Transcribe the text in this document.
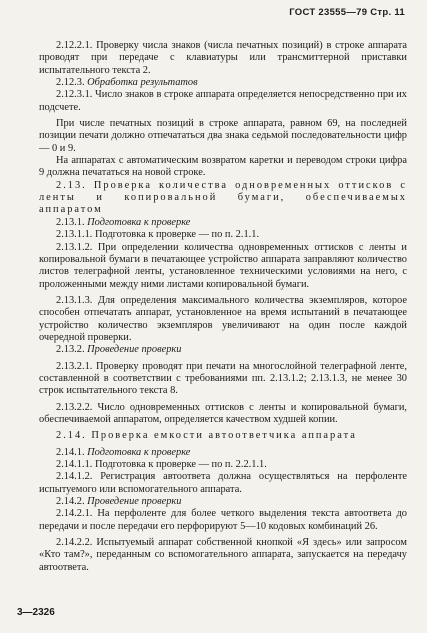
ГОСТ 23555—79 Стр. 11

2.12.2.1. Проверку числа знаков (числа печатных позиций) в строке аппарата проводят при передаче с клавиатуры или трансмиттерной приставки испытательного текста 2.

2.12.3. Обработка результатов

2.12.3.1. Число знаков в строке аппарата определяется непосредственно при их подсчете.

При числе печатных позиций в строке аппарата, равном 69, на последней позиции печати должно отпечататься два знака седьмой последовательности цифр — 0 и 9.

На аппаратах с автоматическим возвратом каретки и переводом строки цифра 9 должна печататься на новой строке.

2.13. Проверка количества одновременных оттисков с ленты и копировальной бумаги, обеспечиваемых аппаратом

2.13.1. Подготовка к проверке

2.13.1.1. Подготовка к проверке — по п. 2.1.1.

2.13.1.2. При определении количества одновременных оттисков с ленты и копировальной бумаги в печатающее устройство аппарата заправляют количество листов телеграфной ленты, установленное техническими условиями на него, с проложенными между ними листами копировальной бумаги.

2.13.1.3. Для определения максимального количества экземпляров, которое способен отпечатать аппарат, установленное на время испытаний в печатающее устройство количество экземпляров увеличивают на один после каждой очередной проверки.

2.13.2. Проведение проверки

2.13.2.1. Проверку проводят при печати на многослойной телеграфной ленте, составленной в соответствии с требованиями пп. 2.13.1.2; 2.13.1.3, не менее 30 строк испытательного текста 8.

2.13.2.2. Число одновременных оттисков с ленты и копировальной бумаги, обеспечиваемой аппаратом, определяется качеством худшей копии.

2.14. Проверка емкости автоответчика аппарата

2.14.1. Подготовка к проверке

2.14.1.1. Подготовка к проверке — по п. 2.2.1.1.

2.14.1.2. Регистрация автоответа должна осуществляться на перфоленте испытуемого или вспомогательного аппарата.

2.14.2. Проведение проверки

2.14.2.1. На перфоленте для более четкого выделения текста автоответа до передачи и после передачи его перфорируют 5—10 кодовых комбинаций 26.

2.14.2.2. Испытуемый аппарат собственной кнопкой «Я здесь» или запросом «Кто там?», переданным со вспомогательного аппарата, запускается на передачу автоответа.

3—2326
